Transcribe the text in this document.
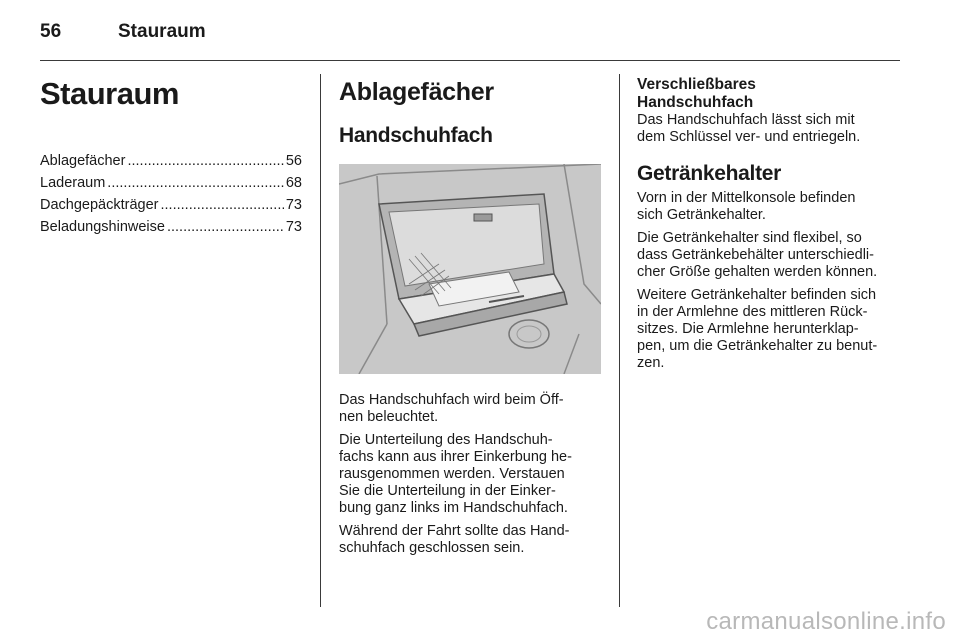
56	Stauraum
Stauraum
Ablagefächer .....	56
Laderaum .....	68
Dachgepäckträger .....	73
Beladungshinweise .....	73
Ablagefächer
Handschuhfach

Das Handschuhfach wird beim Öff-
nen beleuchtet.

Die Unterteilung des Handschuh-
fachs kann aus ihrer Einkerbung he-
rausgenommen werden. Verstauen
Sie die Unterteilung in der Einker-
bung ganz links im Handschuhfach.

Während der Fahrt sollte das Hand-
schuhfach geschlossen sein.

Verschließbares
Handschuhfach

Das Handschuhfach lässt sich mit
dem Schlüssel ver- und entriegeln.

Getränkehalter

Vorn in der Mittelkonsole befinden
sich Getränkehalter.

Die Getränkehalter sind flexibel, so
dass Getränkebehälter unterschiedli-
cher Größe gehalten werden können.

Weitere Getränkehalter befinden sich
in der Armlehne des mittleren Rück-
sitzes. Die Armlehne herunterklap-
pen, um die Getränkehalter zu benut-
zen.

carmanualsonline.info
